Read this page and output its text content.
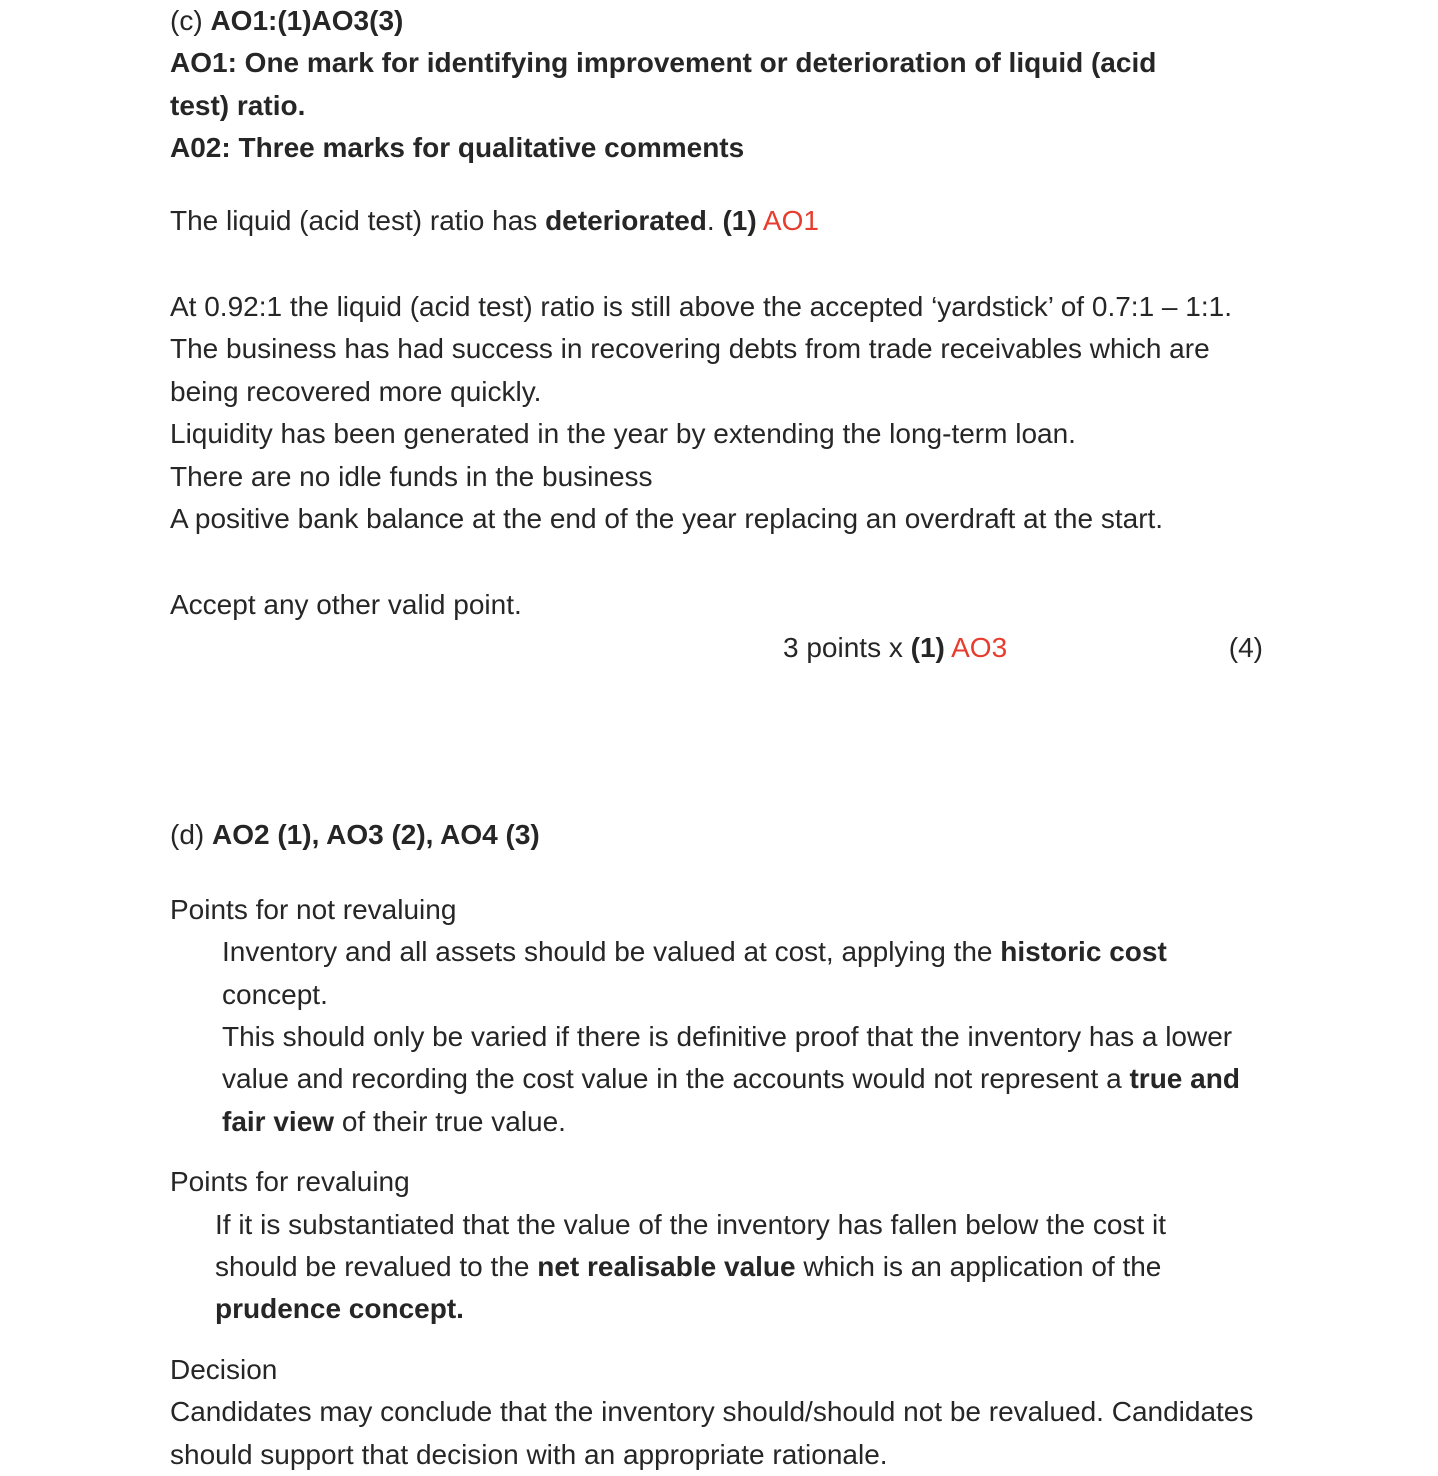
(c) AO1:(1)AO3(3)

AO1: One mark for identifying improvement or deterioration of liquid (acid test) ratio.

A02: Three marks for qualitative comments

The liquid (acid test) ratio has deteriorated. (1) AO1

At 0.92:1 the liquid (acid test) ratio is still above the accepted ‘yardstick’ of 0.7:1 – 1:1.

The business has had success in recovering debts from trade receivables which are being recovered more quickly.

Liquidity has been generated in the year by extending the long-term loan.

There are no idle funds in the business

A positive bank balance at the end of the year replacing an overdraft at the start.

Accept any other valid point.

3 points x (1) AO3	(4)

(d) AO2 (1), AO3 (2), AO4 (3)

Points for not revaluing

Inventory and all assets should be valued at cost, applying the historic cost concept.

This should only be varied if there is definitive proof that the inventory has a lower value and recording the cost value in the accounts would not represent a true and fair view of their true value.

Points for revaluing

If it is substantiated that the value of the inventory has fallen below the cost it should be revalued to the net realisable value which is an application of the prudence concept.

Decision

Candidates may conclude that the inventory should/should not be revalued. Candidates should support that decision with an appropriate rationale.
